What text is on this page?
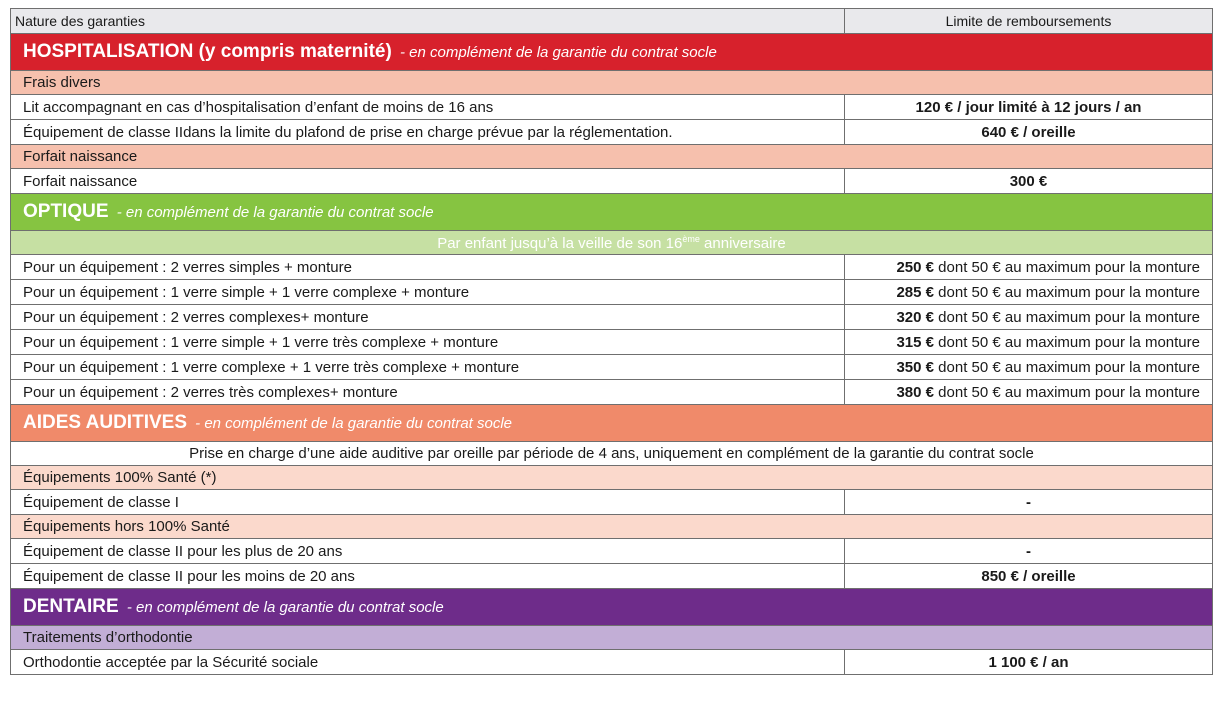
Nature des garanties	Limite de remboursements
HOSPITALISATION (y compris maternité) - en complément de la garantie du contrat socle	
Frais divers	
Lit accompagnant en cas d’hospitalisation d’enfant de moins de 16 ans	120 € / jour limité à 12 jours / an
Équipement de classe IIdans la limite du plafond de prise en charge prévue par la réglementation.	640 € / oreille
Forfait naissance	
Forfait naissance	300 €
OPTIQUE - en complément de la garantie du contrat socle	
Par enfant jusqu’à la veille de son 16ème anniversaire	
Pour un équipement : 2 verres simples + monture	250 € dont 50 € au maximum pour la monture
Pour un équipement : 1 verre simple + 1 verre complexe + monture	285 € dont 50 € au maximum pour la monture
Pour un équipement : 2 verres complexes+ monture	320 € dont 50 € au maximum pour la monture
Pour un équipement : 1 verre simple + 1 verre très complexe + monture	315 € dont 50 € au maximum pour la monture
Pour un équipement : 1 verre complexe + 1 verre très complexe + monture	350 € dont 50 € au maximum pour la monture
Pour un équipement : 2 verres très complexes+ monture	380 € dont 50 € au maximum pour la monture
AIDES AUDITIVES - en complément de la garantie du contrat socle	
Prise en charge d’une aide auditive par oreille par période de 4 ans, uniquement en complément de la garantie du contrat socle	
Équipements 100% Santé (*)	
Équipement de classe I	-
Équipements hors 100% Santé	
Équipement de classe II pour les plus de 20 ans	-
Équipement de classe II pour les moins de 20 ans	850 € / oreille
DENTAIRE - en complément de la garantie du contrat socle	
Traitements d’orthodontie	
Orthodontie acceptée par la Sécurité sociale	1 100 € / an
